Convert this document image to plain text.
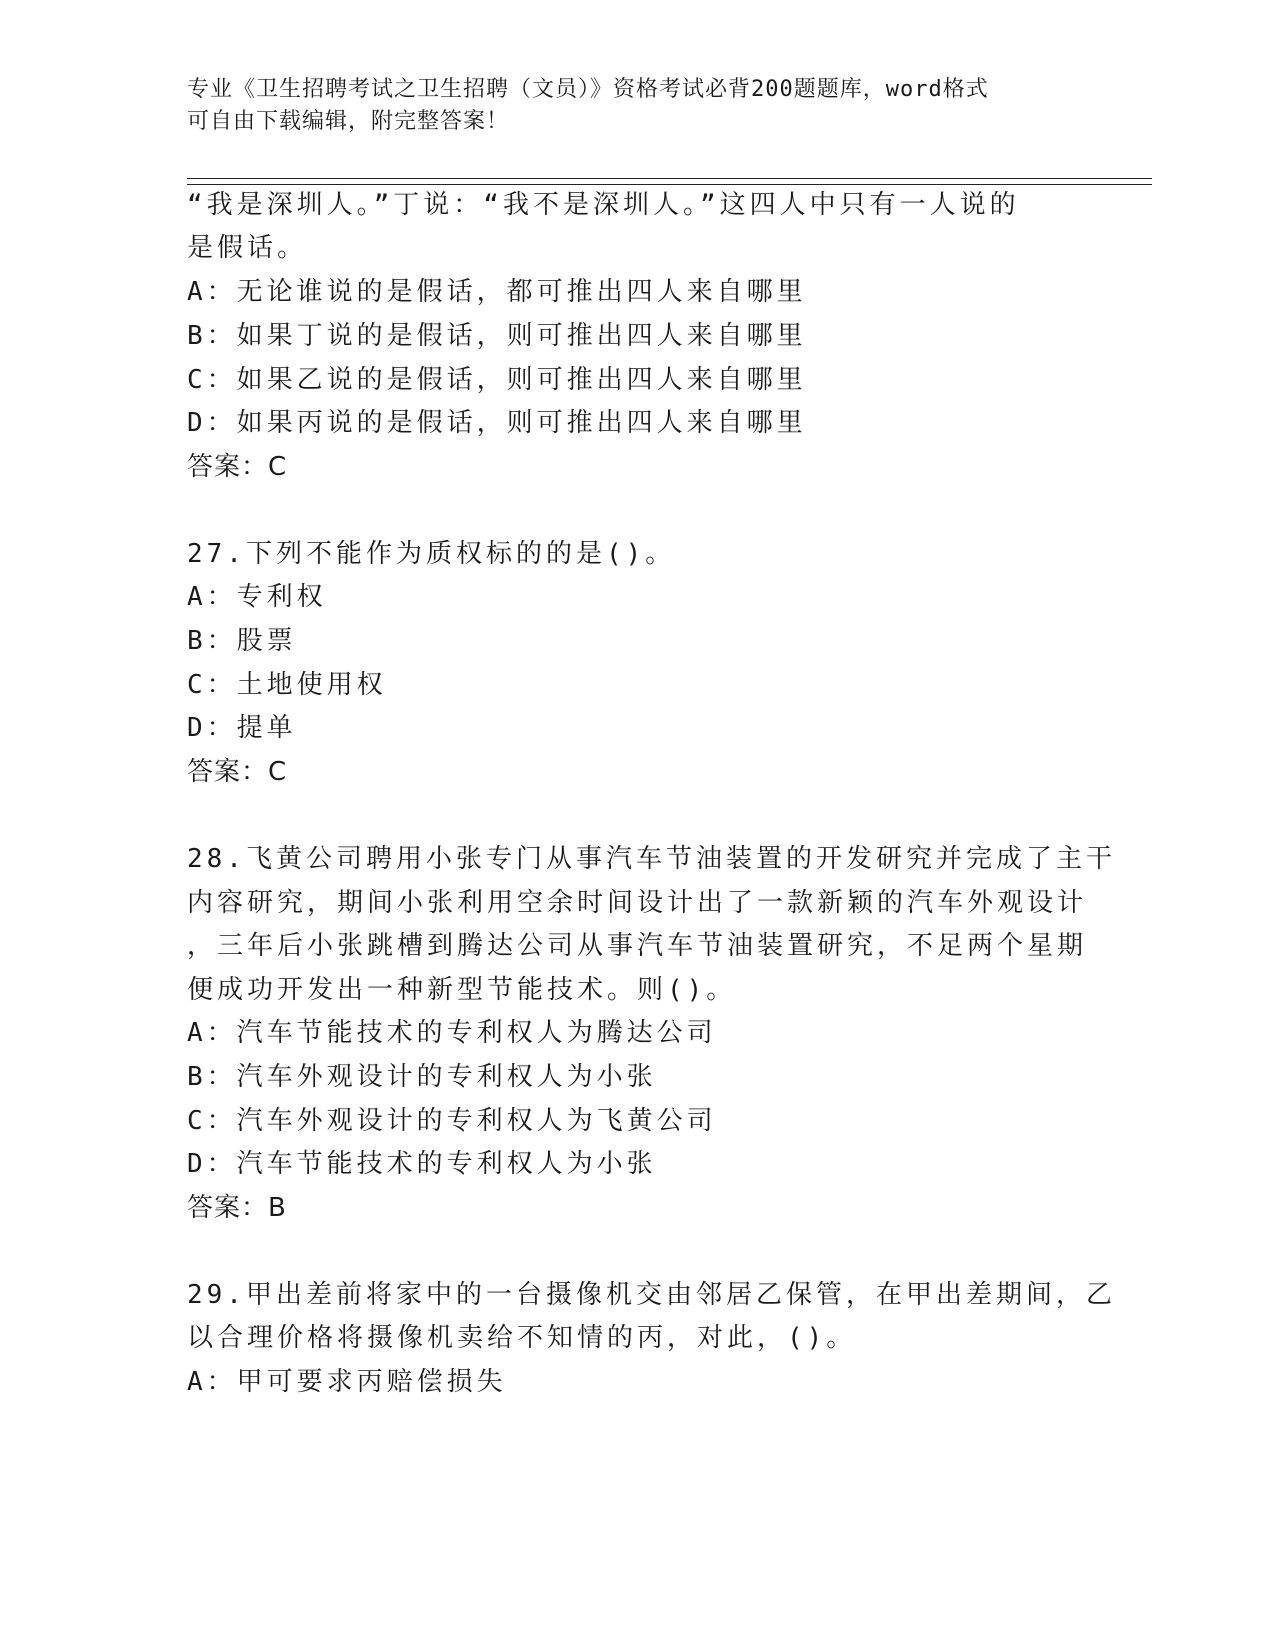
专业《卫生招聘考试之卫生招聘（文员）》资格考试必背200题题库，word格式
可自由下载编辑，附完整答案！
“我是深圳人。”丁说：“我不是深圳人。”这四人中只有一人说的
是假话。
A：无论谁说的是假话，都可推出四人来自哪里
B：如果丁说的是假话，则可推出四人来自哪里
C：如果乙说的是假话，则可推出四人来自哪里
D：如果丙说的是假话，则可推出四人来自哪里
答案：C
27.下列不能作为质权标的的是()。
A：专利权
B：股票
C：土地使用权
D：提单
答案：C
28.飞黄公司聘用小张专门从事汽车节油装置的开发研究并完成了主干
内容研究，期间小张利用空余时间设计出了一款新颖的汽车外观设计
，三年后小张跳槽到腾达公司从事汽车节油装置研究，不足两个星期
便成功开发出一种新型节能技术。则()。
A：汽车节能技术的专利权人为腾达公司
B：汽车外观设计的专利权人为小张
C：汽车外观设计的专利权人为飞黄公司
D：汽车节能技术的专利权人为小张
答案：B
29.甲出差前将家中的一台摄像机交由邻居乙保管，在甲出差期间，乙
以合理价格将摄像机卖给不知情的丙，对此，()。
A：甲可要求丙赔偿损失
